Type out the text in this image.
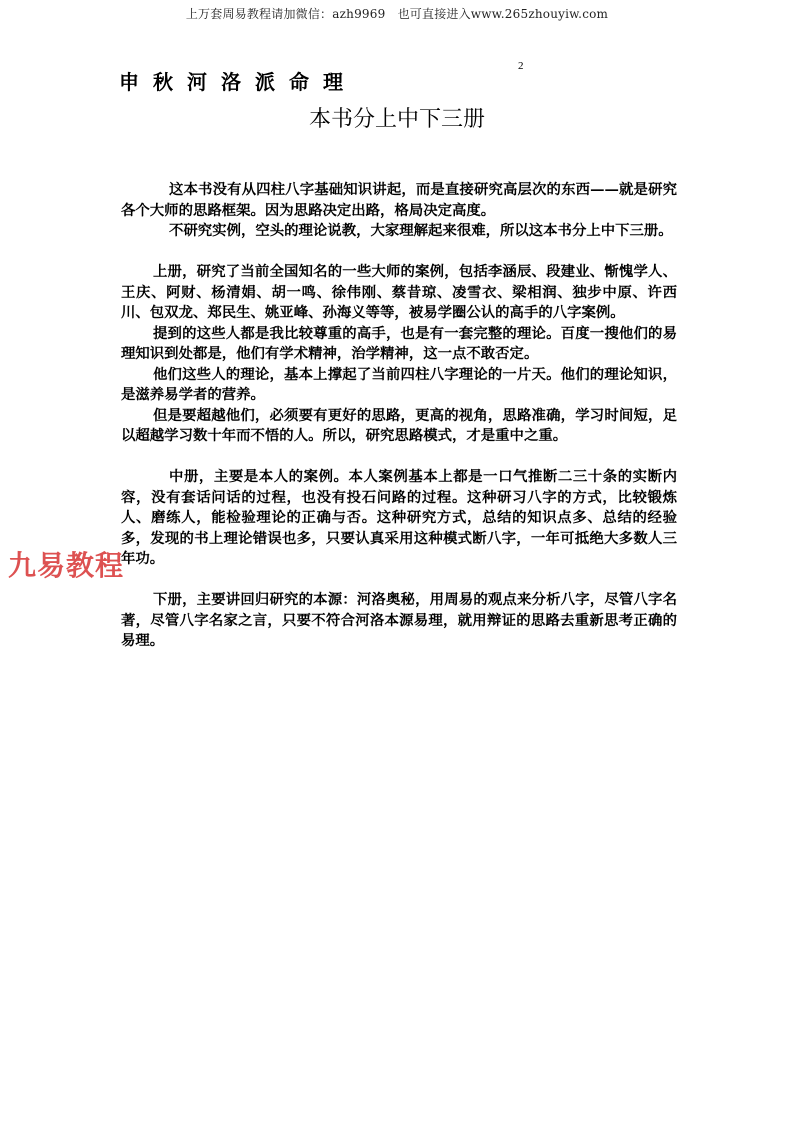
上万套周易教程请加微信：azh9969　也可直接进入www.265zhouyiw.com
申秋河洛派命理
2
本书分上中下三册

这本书没有从四柱八字基础知识讲起，而是直接研究高层次的东西——就是研究各个大师的思路框架。因为思路决定出路，格局决定高度。

不研究实例，空头的理论说教，大家理解起来很难，所以这本书分上中下三册。

上册，研究了当前全国知名的一些大师的案例，包括李涵辰、段建业、惭愧学人、王庆、阿财、杨清娟、胡一鸣、徐伟刚、蔡昔琼、凌雪衣、梁相润、独步中原、许西川、包双龙、郑民生、姚亚峰、孙海义等等，被易学圈公认的高手的八字案例。

提到的这些人都是我比较尊重的高手，也是有一套完整的理论。百度一搜他们的易理知识到处都是，他们有学术精神，治学精神，这一点不敢否定。

他们这些人的理论，基本上撑起了当前四柱八字理论的一片天。他们的理论知识，是滋养易学者的营养。

但是要超越他们，必须要有更好的思路，更高的视角，思路准确，学习时间短，足以超越学习数十年而不悟的人。所以，研究思路模式，才是重中之重。

中册，主要是本人的案例。本人案例基本上都是一口气推断二三十条的实断内容，没有套话问话的过程，也没有投石问路的过程。这种研习八字的方式，比较锻炼人、磨练人，能检验理论的正确与否。这种研究方式，总结的知识点多、总结的经验多，发现的书上理论错误也多，只要认真采用这种模式断八字，一年可抵绝大多数人三年功。

下册，主要讲回归研究的本源：河洛奥秘，用周易的观点来分析八字，尽管八字名著，尽管八字名家之言，只要不符合河洛本源易理，就用辩证的思路去重新思考正确的易理。

九易教程
